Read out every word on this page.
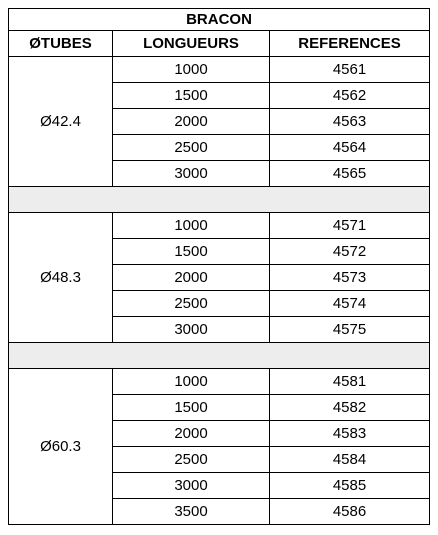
BRACON		
ØTUBES	LONGUEURS	REFERENCES
Ø42.4	1000	4561
	1500	4562
	2000	4563
	2500	4564
	3000	4565

Ø48.3	1000	4571
	1500	4572
	2000	4573
	2500	4574
	3000	4575

Ø60.3	1000	4581
	1500	4582
	2000	4583
	2500	4584
	3000	4585
	3500	4586
